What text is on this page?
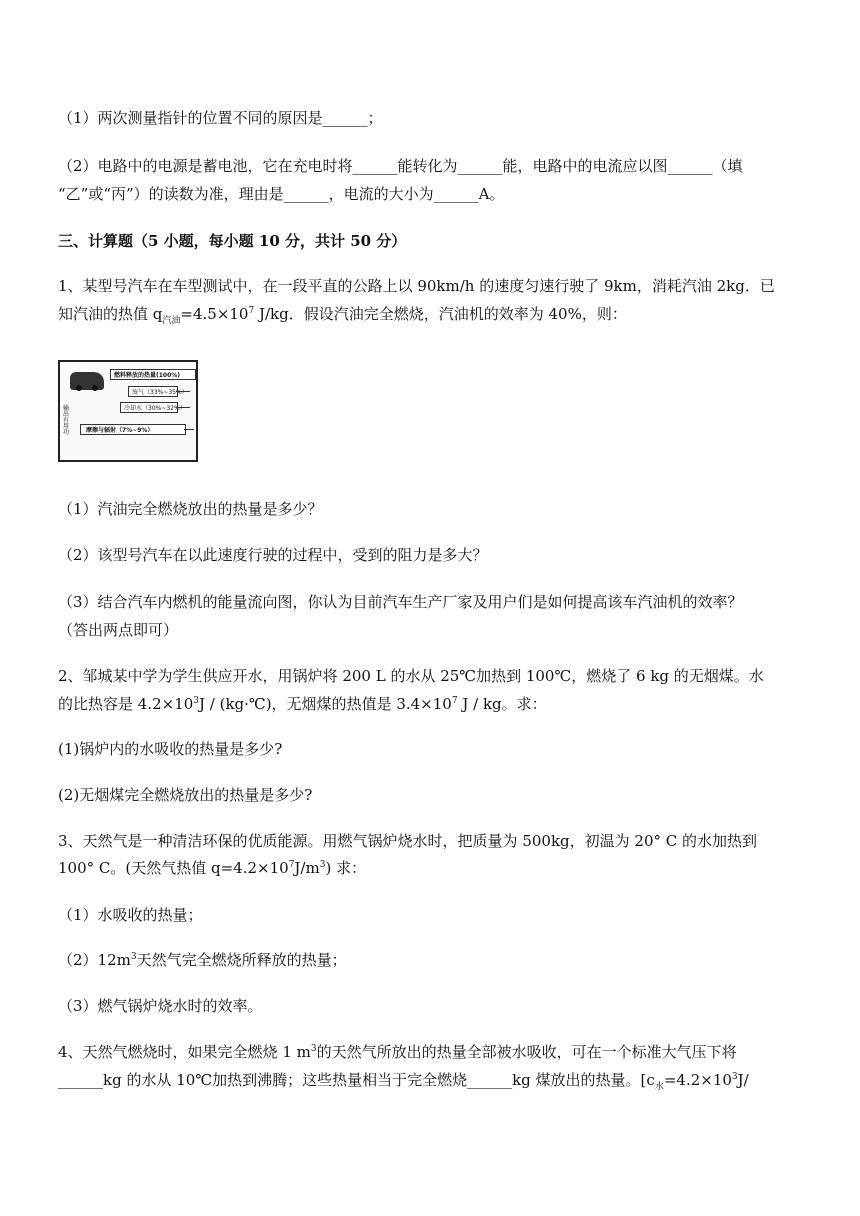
（1）两次测量指针的位置不同的原因是______；
（2）电路中的电源是蓄电池，它在充电时将______能转化为______能，电路中的电流应以图______（填
“乙”或“丙”）的读数为准，理由是______，电流的大小为______A。
三、计算题（5 小题，每小题 10 分，共计 50 分）
1、某型号汽车在车型测试中，在一段平直的公路上以 90km/h 的速度匀速行驶了 9km，消耗汽油 2kg．已
知汽油的热值 $q_{汽油}=4.5\times 10^7$ J/kg．假设汽油完全燃烧，汽油机的效率为 40%，则：
燃料释放的热量(100%)
废气（33%~35%）
冷却水（30%~32%）
摩擦与辐射（7%~9%）
输出有用功
（1）汽油完全燃烧放出的热量是多少？
（2）该型号汽车在以此速度行驶的过程中，受到的阻力是多大？
（3）结合汽车内燃机的能量流向图，你认为目前汽车生产厂家及用户们是如何提高该车汽油机的效率？
（答出两点即可）
2、邹城某中学为学生供应开水，用锅炉将 200 L 的水从 25℃加热到 100℃，燃烧了 6 kg 的无烟煤。水
的比热容是 $4.2\times 10^3J$ / (kg·℃)，无烟煤的热值是 $3.4\times 10^7$ J / kg。求：
(1)锅炉内的水吸收的热量是多少?
(2)无烟煤完全燃烧放出的热量是多少?
3、天然气是一种清洁环保的优质能源。用燃气锅炉烧水时，把质量为 500kg，初温为 20° C 的水加热到
100° C。(天然气热值 $q=4.2\times 10^7J/m^3$) 求：
（1）水吸收的热量；
$(2)12m^3$天然气完全燃烧所释放的热量；
（3）燃气锅炉烧水时的效率。
4、天然气燃烧时，如果完全燃烧 1 $m^3$的天然气所放出的热量全部被水吸收，可在一个标准大气压下将
______kg 的水从 10℃加热到沸腾；这些热量相当于完全燃烧______kg 煤放出的热量。[$c_水=4.2\times 10^3J/$
